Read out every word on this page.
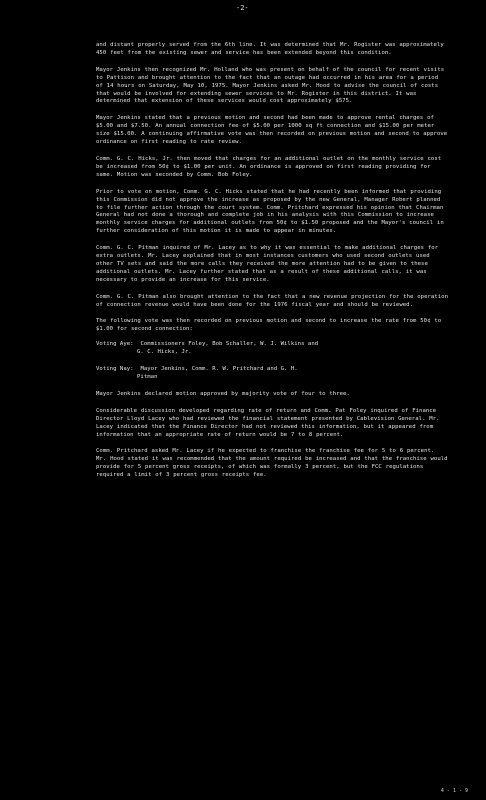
-2-

and distant properly served from the 6th line. It was determined that Mr. Rogister was approximately 450 feet from the existing sewer and service has been extended beyond this condition.

Mayor Jenkins then recognized Mr. Holland who was present on behalf of the council for recent visits to Pattison and brought attention to the fact that an outage had occurred in his area for a period of 14 hours on Saturday, May 10, 1975. Mayor Jenkins asked Mr. Hood to advise the council of costs that would be involved for extending sewer services to Mr. Rogister in this district. It was determined that extension of these services would cost approximately $575.

Mayor Jenkins stated that a previous motion and second had been made to approve rental charges of $5.00 and $7.50. An annual connection fee of $5.00 per 1000 sq ft connection and $15.00 per meter size $15.00. A continuing affirmative vote was then recorded on previous motion and second to approve ordinance on first reading to rate review.

Comm. G. C. Hicks, Jr. then moved that charges for an additional outlet on the monthly service cost be increased from 50¢ to $1.00 per unit. An ordinance is approved on first reading providing for same. Motion was seconded by Comm. Bob Foley.

Prior to vote on motion, Comm. G. C. Hicks stated that he had recently been informed that providing this Commission did not approve the increase as proposed by the new General, Manager Robert planned to file further action through the court system. Comm. Pritchard expressed his opinion that Chairman General had not done a thorough and complete job in his analysis with this Commission to increase monthly service charges for additional outlets from 50¢ to $1.50 proposed and the Mayor's council in further consideration of this motion it is made to appear in minutes.

Comm. G. C. Pitman inquired of Mr. Lacey as to why it was essential to make additional charges for extra outlets. Mr. Lacey explained that in most instances customers who used second outlets used other TV sets and said the more calls they received the more attention had to be given to these additional outlets. Mr. Lacey further stated that as a result of these additional calls, it was necessary to provide an increase for this service.

Comm. G. C. Pitman also brought attention to the fact that a new revenue projection for the operation of connection revenue would have been done for the 1976 fiscal year and should be reviewed.

The following vote was then recorded on previous motion and second to increase the rate from 50¢ to $1.00 for second connection:

Voting Aye: Commissioners Foley, Bob Schaller, W. J. Wilkins and
G. C. Hicks, Jr.
Voting Nay: Mayor Jenkins, Comm. R. W. Pritchard and G. H.
Pitman

Mayor Jenkins declared motion approved by majority vote of four to three.

Considerable discussion developed regarding rate of return and Comm. Pat Foley inquired of Finance Director Lloyd Lacey who had reviewed the financial statement presented by Cablevision General. Mr. Lacey indicated that the Finance Director had not reviewed this information, but it appeared from information that an appropriate rate of return would be 7 to 8 percent.

Comm. Pritchard asked Mr. Lacey if he expected to franchise the franchise fee for 5 to 6 percent. Mr. Hood stated it was recommended that the amount required be increased and that the franchise would provide for 5 percent gross receipts, of which was formally 3 percent, but the FCC regulations required a limit of 3 percent gross receipts fee.

4 - 1 - 9
